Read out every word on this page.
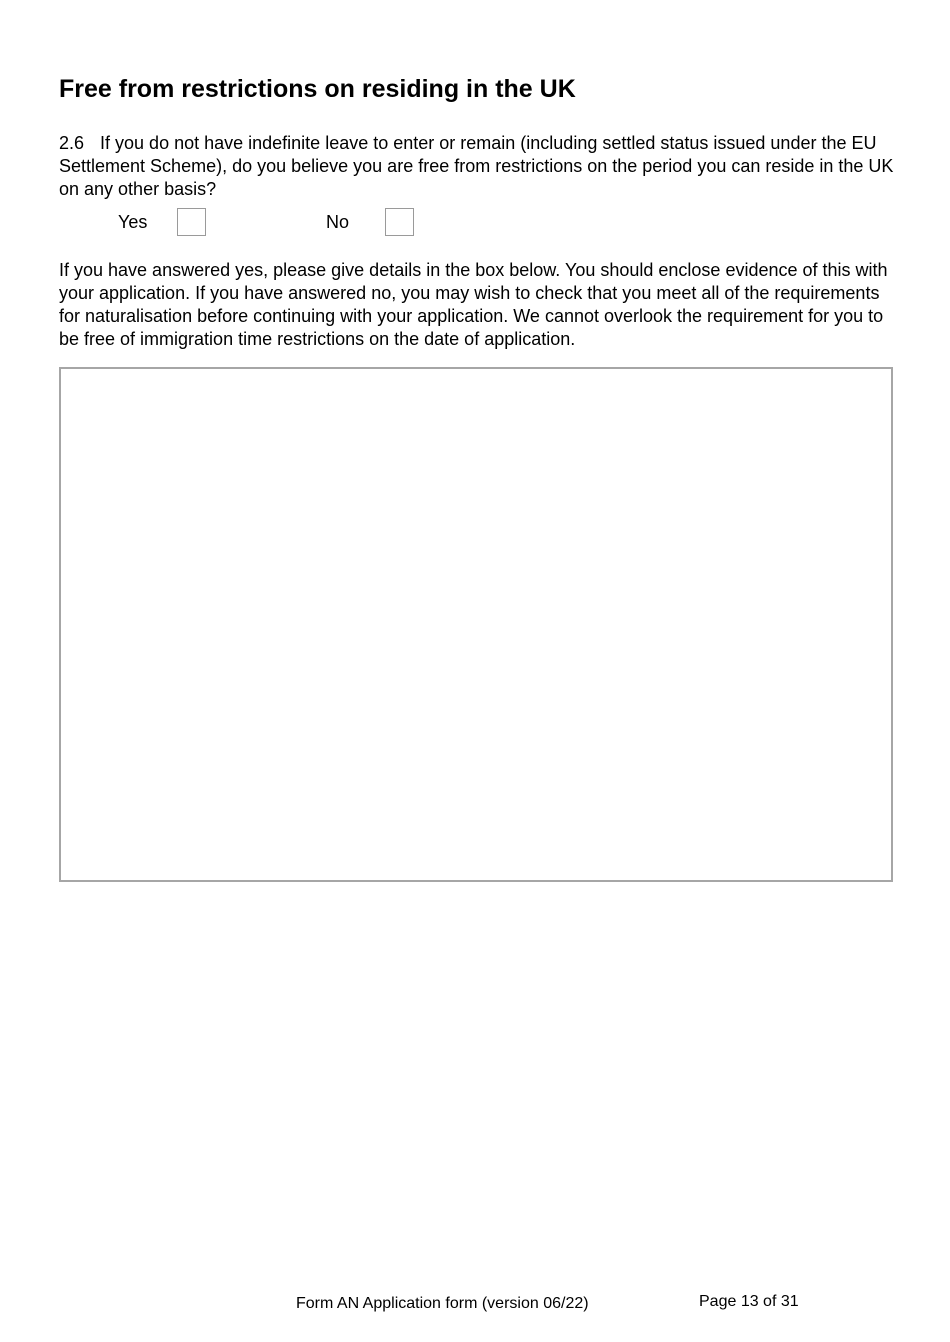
Free from restrictions on residing in the UK

2.6 If you do not have indefinite leave to enter or remain (including settled status issued under the EU Settlement Scheme), do you believe you are free from restrictions on the period you can reside in the UK on any other basis?

Yes	No

If you have answered yes, please give details in the box below. You should enclose evidence of this with your application. If you have answered no, you may wish to check that you meet all of the requirements for naturalisation before continuing with your application. We cannot overlook the requirement for you to be free of immigration time restrictions on the date of application.

Form AN Application form (version 06/22)	Page 13 of 31
